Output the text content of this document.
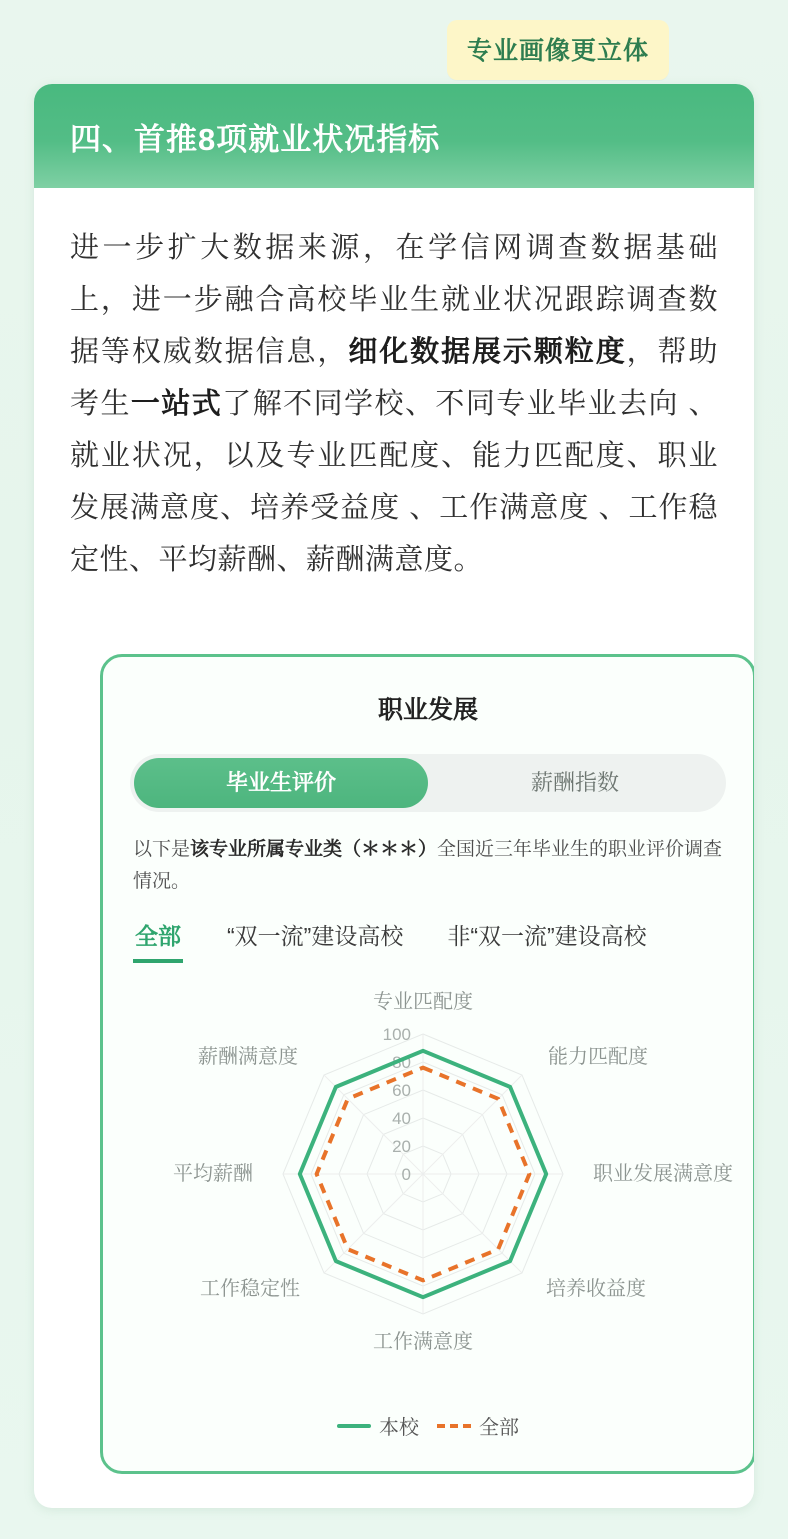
专业画像更立体
四、首推8项就业状况指标
进一步扩大数据来源，在学信网调查数据基础上，进一步融合高校毕业生就业状况跟踪调查数据等权威数据信息，细化数据展示颗粒度，帮助考生一站式了解不同学校、不同专业毕业去向 、就业状况，以及专业匹配度、能力匹配度、职业发展满意度、培养受益度 、工作满意度 、工作稳定性、平均薪酬、薪酬满意度。
职业发展
毕业生评价	薪酬指数
以下是该专业所属专业类（＊＊＊）全国近三年毕业生的职业评价调查情况。
全部 “双一流”建设高校 非“双一流”建设高校
0
20
40
60
80
100
专业匹配度
能力匹配度
职业发展满意度
培养收益度
工作满意度
工作稳定性
平均薪酬
薪酬满意度
本校	全部
